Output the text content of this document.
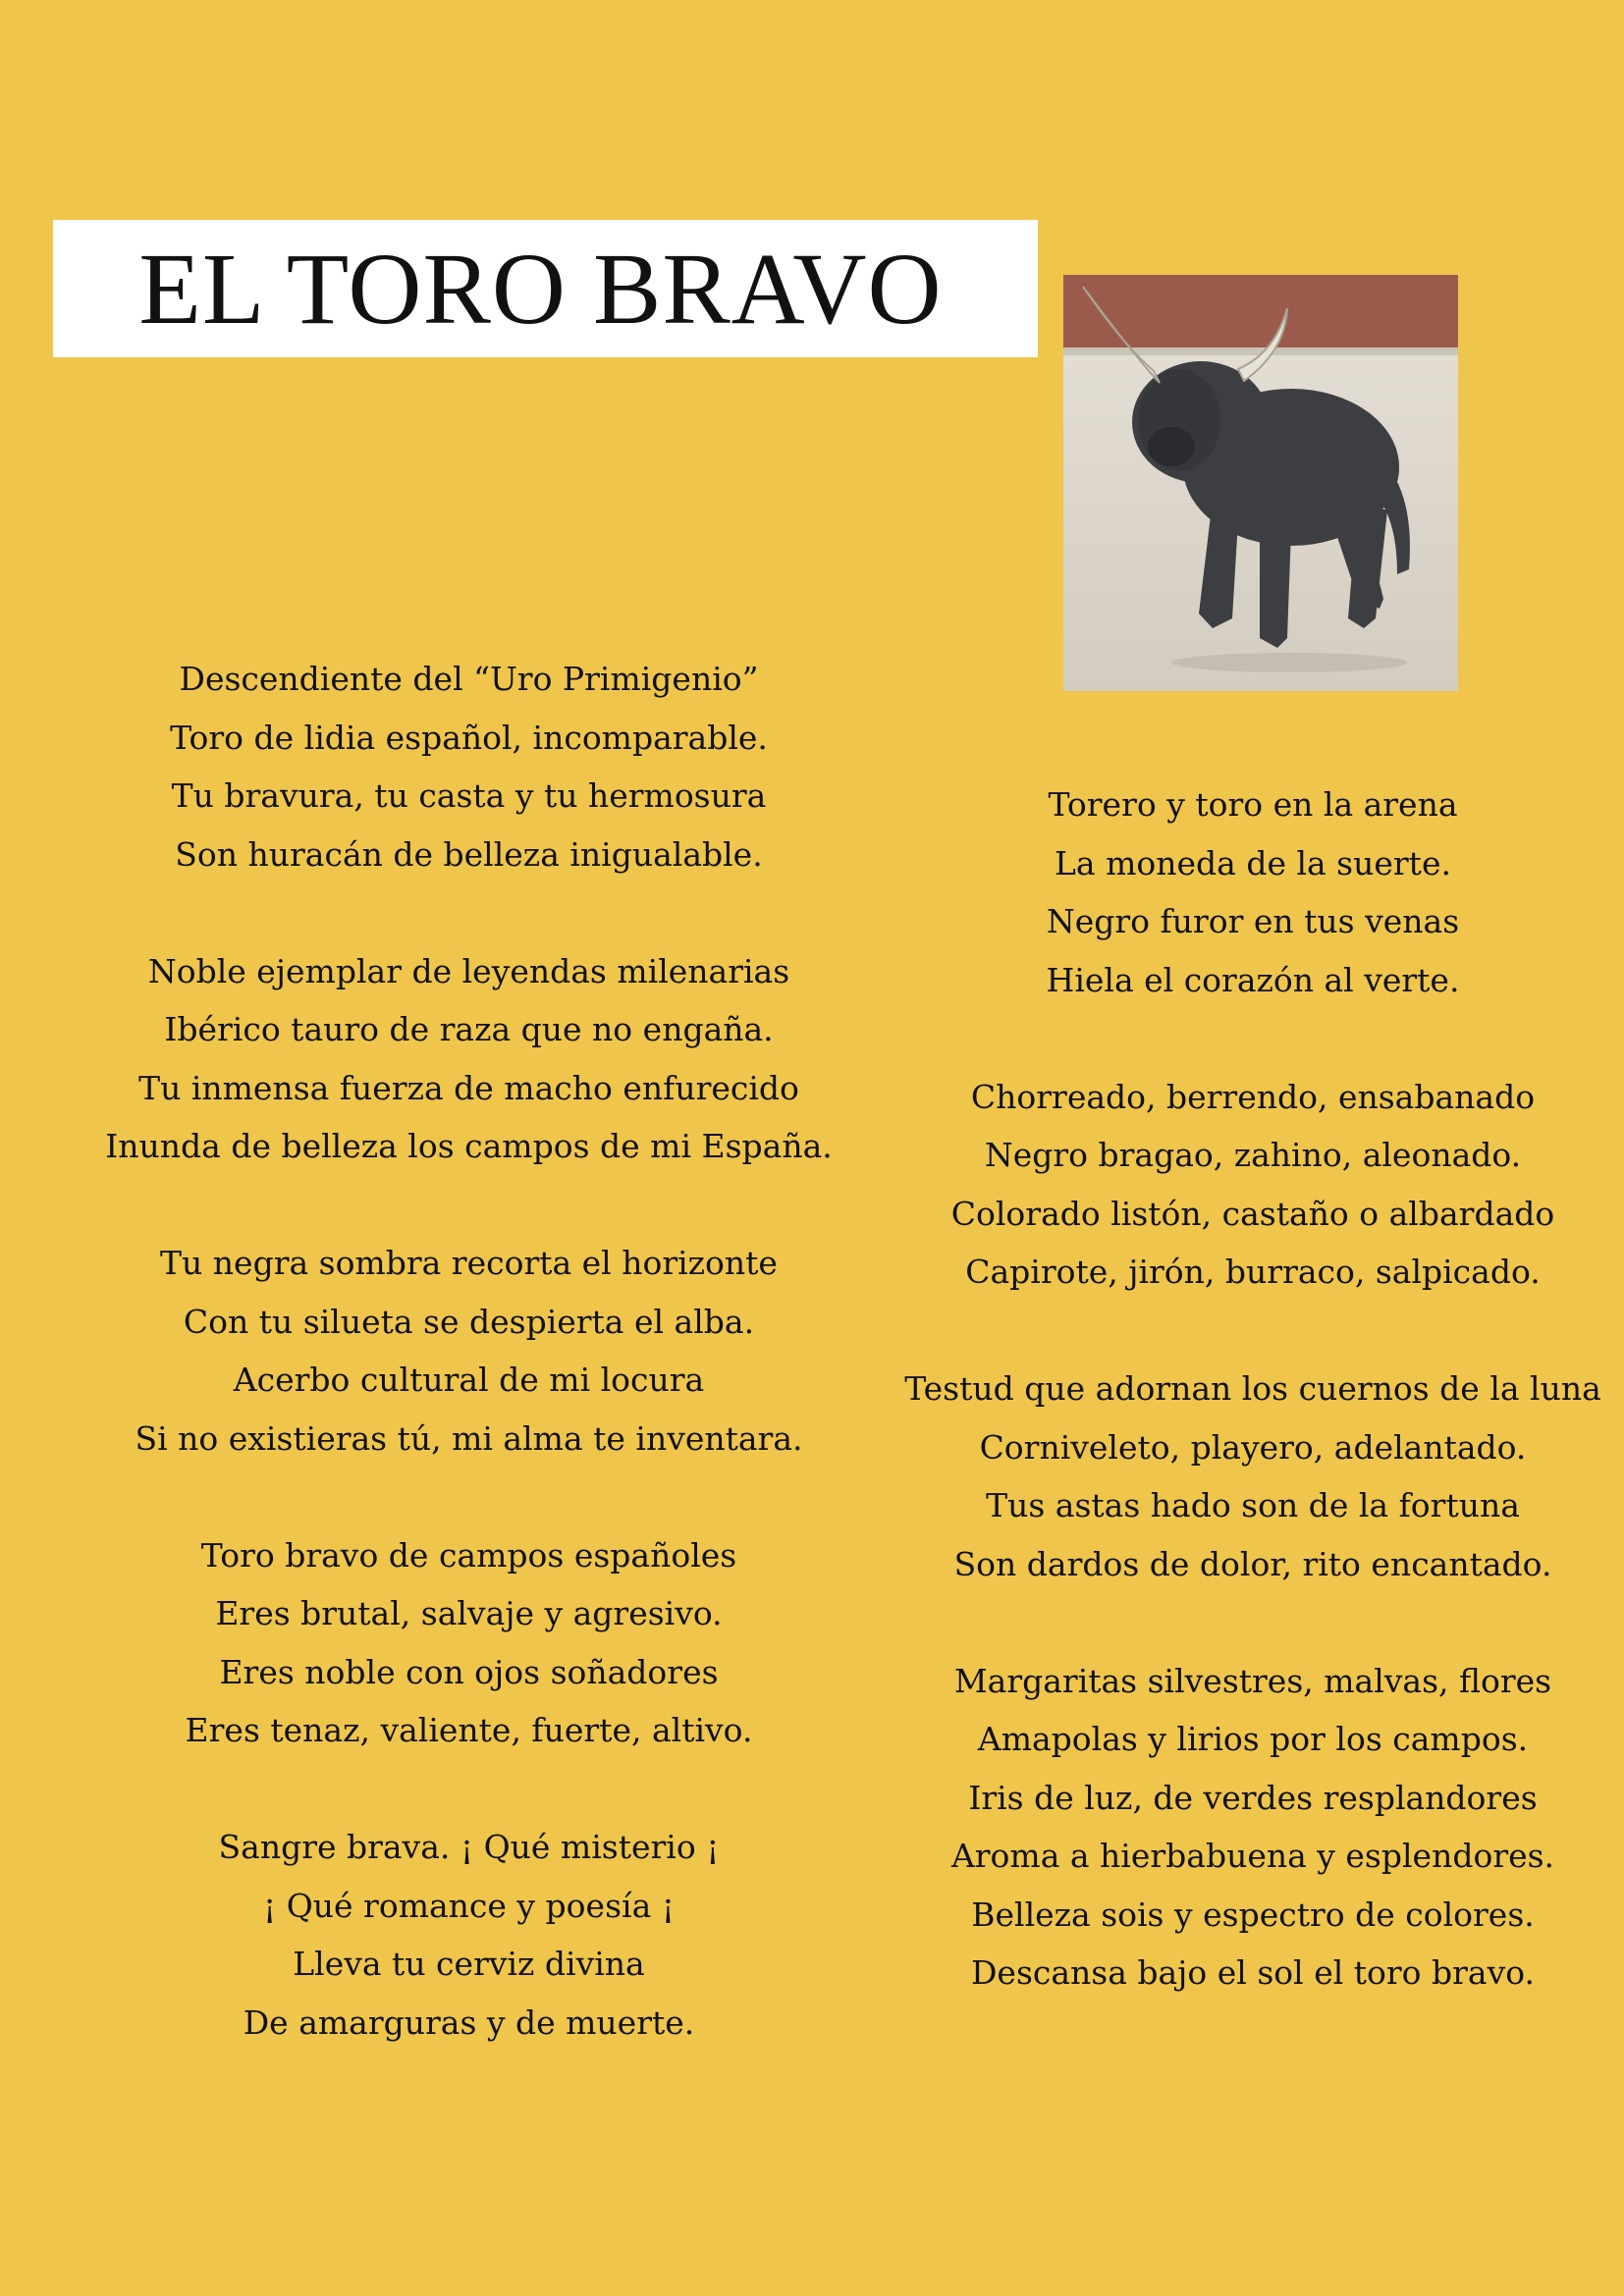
EL TORO BRAVO
Descendiente del “Uro Primigenio”
Toro de lidia español, incomparable.
Tu bravura, tu casta y tu hermosura
Son huracán de belleza inigualable.
Noble ejemplar de leyendas milenarias
Ibérico tauro de raza que no engaña.
Tu inmensa fuerza de macho enfurecido
Inunda de belleza los campos de mi España.
Tu negra sombra recorta el horizonte
Con tu silueta se despierta el alba.
Acerbo cultural de mi locura
Si no existieras tú, mi alma te inventara.
Toro bravo de campos españoles
Eres brutal, salvaje y agresivo.
Eres noble con ojos soñadores
Eres tenaz, valiente, fuerte, altivo.
Sangre brava. ¡ Qué misterio ¡
¡ Qué romance y poesía ¡
Lleva tu cerviz divina
De amarguras y de muerte.
Torero y toro en la arena
La moneda de la suerte.
Negro furor en tus venas
Hiela el corazón al verte.
Chorreado, berrendo, ensabanado
Negro bragao, zahino, aleonado.
Colorado listón, castaño o albardado
Capirote, jirón, burraco, salpicado.
Testud que adornan los cuernos de la luna
Corniveleto, playero, adelantado.
Tus astas hado son de la fortuna
Son dardos de dolor, rito encantado.
Margaritas silvestres, malvas, flores
Amapolas y lirios por los campos.
Iris de luz, de verdes resplandores
Aroma a hierbabuena y esplendores.
Belleza sois y espectro de colores.
Descansa bajo el sol el toro bravo.
